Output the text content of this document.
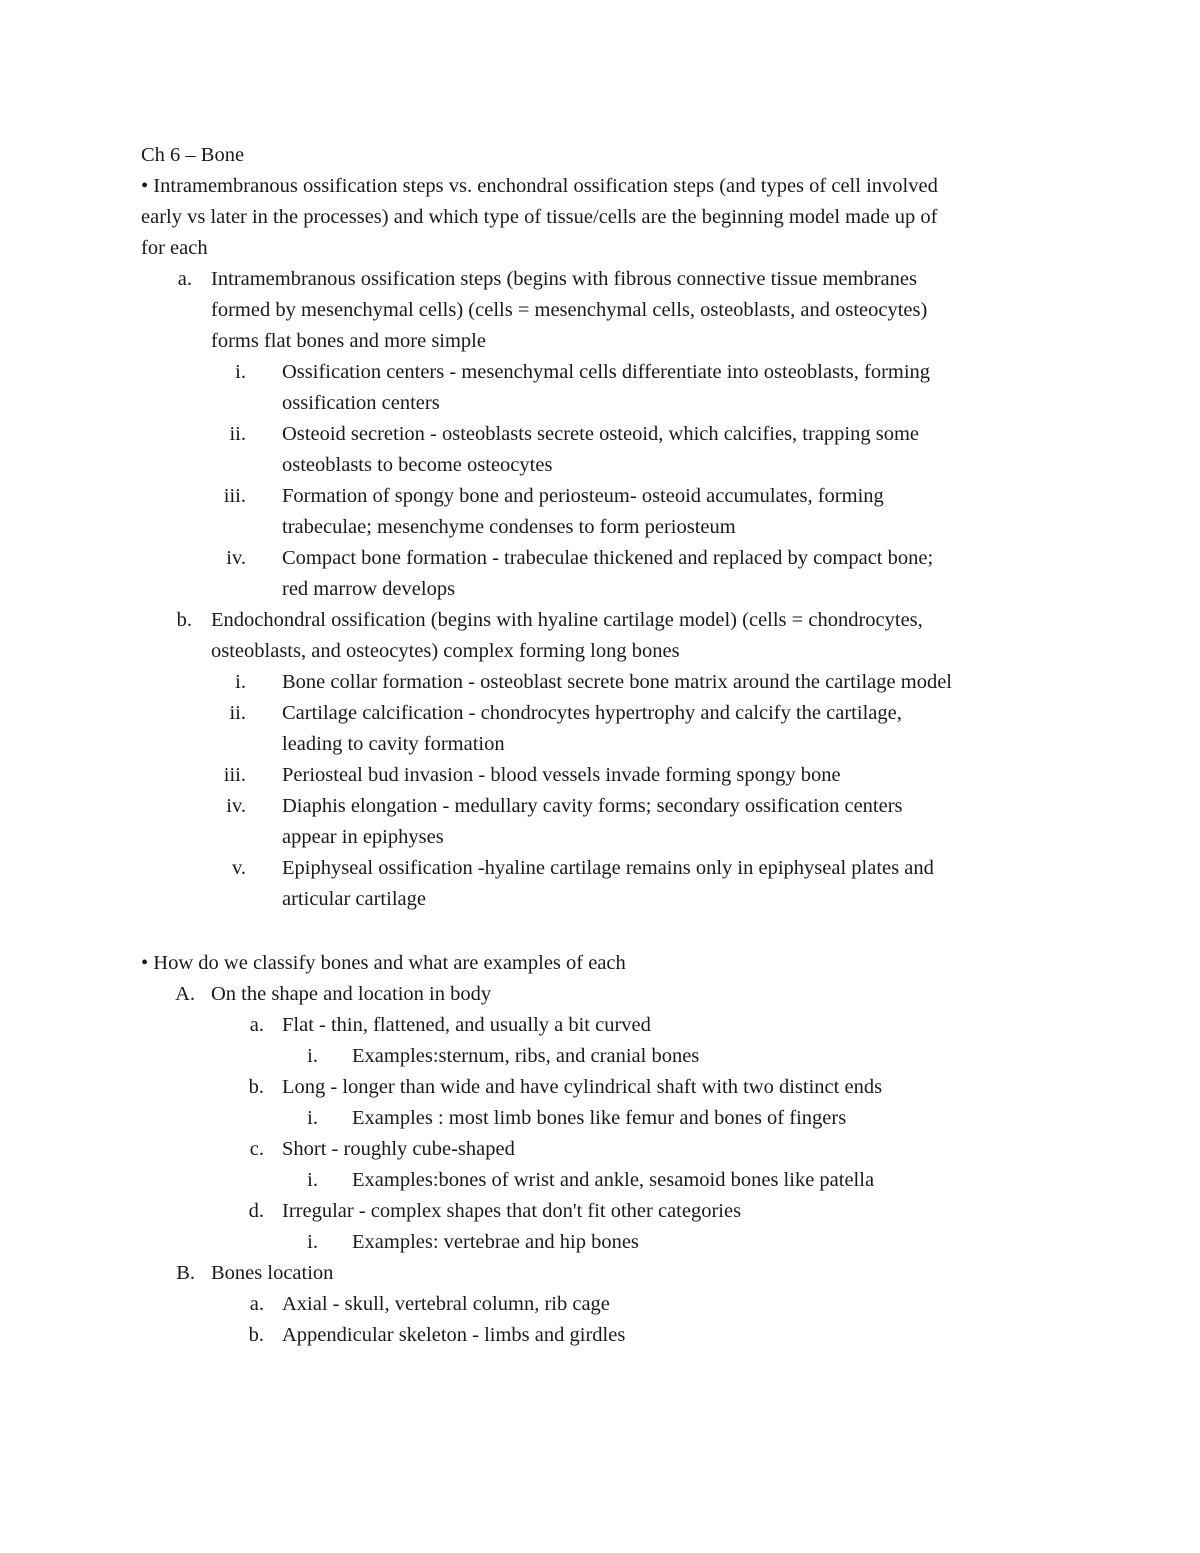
Ch 6 – Bone
• Intramembranous ossification steps vs. enchondral ossification steps (and types of cell involved
early vs later in the processes) and which type of tissue/cells are the beginning model made up of
for each
a. Intramembranous ossification steps (begins with fibrous connective tissue membranes
formed by mesenchymal cells) (cells = mesenchymal cells, osteoblasts, and osteocytes)
forms flat bones and more simple
i. Ossification centers - mesenchymal cells differentiate into osteoblasts, forming
ossification centers
ii. Osteoid secretion - osteoblasts secrete osteoid, which calcifies, trapping some
osteoblasts to become osteocytes
iii. Formation of spongy bone and periosteum- osteoid accumulates, forming
trabeculae; mesenchyme condenses to form periosteum
iv. Compact bone formation - trabeculae thickened and replaced by compact bone;
red marrow develops
b. Endochondral ossification (begins with hyaline cartilage model) (cells = chondrocytes,
osteoblasts, and osteocytes) complex forming long bones
i. Bone collar formation - osteoblast secrete bone matrix around the cartilage model
ii. Cartilage calcification - chondrocytes hypertrophy and calcify the cartilage,
leading to cavity formation
iii. Periosteal bud invasion - blood vessels invade forming spongy bone
iv. Diaphis elongation - medullary cavity forms; secondary ossification centers
appear in epiphyses
v. Epiphyseal ossification -hyaline cartilage remains only in epiphyseal plates and
articular cartilage
• How do we classify bones and what are examples of each
A. On the shape and location in body
a. Flat - thin, flattened, and usually a bit curved
i. Examples:sternum, ribs, and cranial bones
b. Long - longer than wide and have cylindrical shaft with two distinct ends
i. Examples : most limb bones like femur and bones of fingers
c. Short - roughly cube-shaped
i. Examples:bones of wrist and ankle, sesamoid bones like patella
d. Irregular - complex shapes that don't fit other categories
i. Examples: vertebrae and hip bones
B. Bones location
a. Axial - skull, vertebral column, rib cage
b. Appendicular skeleton - limbs and girdles
